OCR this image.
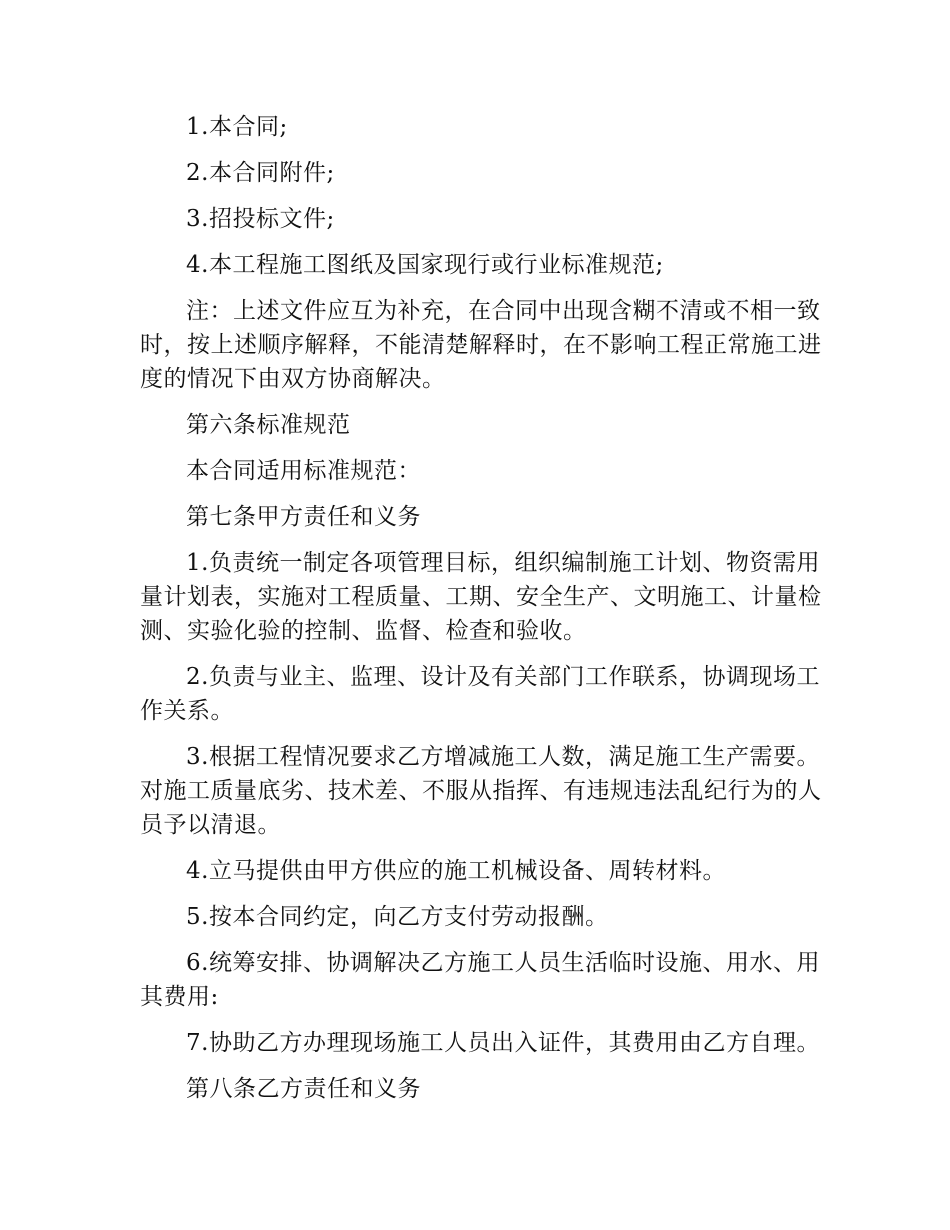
1.本合同;

2.本合同附件;

3.招投标文件;

4.本工程施工图纸及国家现行或行业标准规范;

注：上述文件应互为补充，在合同中出现含糊不清或不相一致时，按上述顺序解释，不能清楚解释时，在不影响工程正常施工进度的情况下由双方协商解决。

第六条标准规范

本合同适用标准规范：

第七条甲方责任和义务

1.负责统一制定各项管理目标，组织编制施工计划、物资需用量计划表，实施对工程质量、工期、安全生产、文明施工、计量检测、实验化验的控制、监督、检查和验收。

2.负责与业主、监理、设计及有关部门工作联系，协调现场工作关系。

3.根据工程情况要求乙方增减施工人数，满足施工生产需要。对施工质量底劣、技术差、不服从指挥、有违规违法乱纪行为的人员予以清退。

4.立马提供由甲方供应的施工机械设备、周转材料。

5.按本合同约定，向乙方支付劳动报酬。

6.统筹安排、协调解决乙方施工人员生活临时设施、用水、用其费用:

7.协助乙方办理现场施工人员出入证件，其费用由乙方自理。

第八条乙方责任和义务
